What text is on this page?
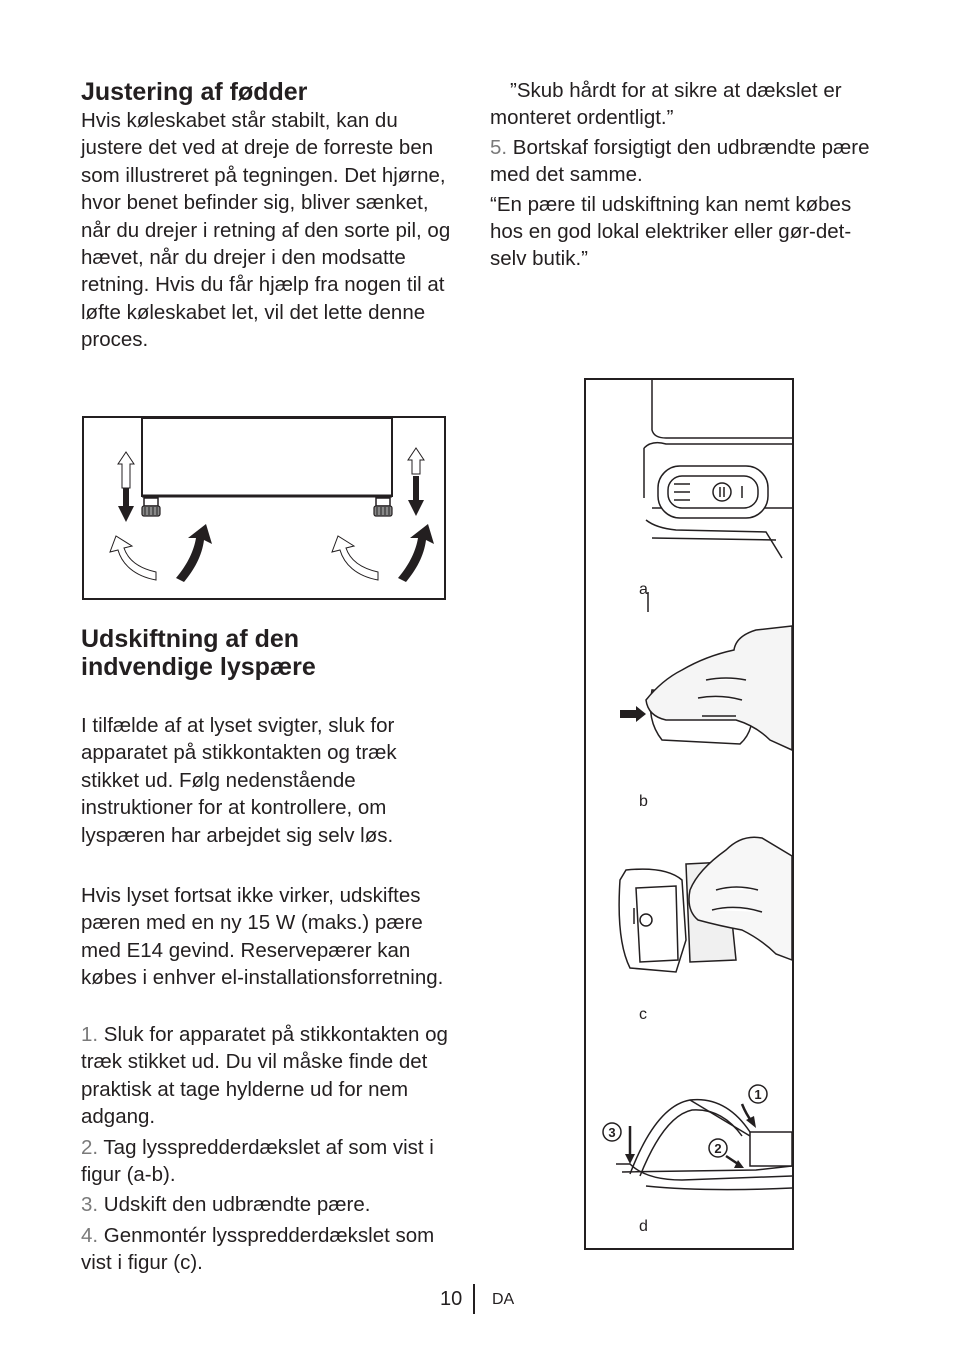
Justering af fødder
Hvis køleskabet står stabilt, kan du justere det ved at dreje de forreste ben som illustreret på tegningen. Det hjørne, hvor benet befinder sig, bliver sænket, når du drejer i retning af den sorte pil, og hævet, når du drejer i den modsatte retning. Hvis du får hjælp fra nogen til at løfte køleskabet let, vil det lette denne proces.
Udskiftning af den
indvendige lyspære
I tilfælde af at lyset svigter, sluk for apparatet på stikkontakten og træk stikket ud. Følg nedenstående instruktioner for at kontrollere, om lyspæren har arbejdet sig selv løs.
Hvis lyset fortsat ikke virker, udskiftes pæren med en ny 15 W (maks.) pære med E14 gevind. Reservepærer kan købes i enhver el-installationsforretning.

1. Sluk for apparatet på stikkontakten og træk stikket ud. Du vil måske finde det praktisk at tage hylderne ud for nem adgang.

2. Tag lysspredderdækslet af som vist i figur (a-b).

3. Udskift den udbrændte pære.

4. Genmontér lysspredderdækslet som vist i figur (c).

”Skub hårdt for at sikre at dækslet er monteret ordentligt.”

5. Bortskaf forsigtigt den udbrændte pære med det samme.

“En pære til udskiftning kan nemt købes hos en god lokal elektriker eller gør-det-selv butik.”

1
2
3
a
b
c
d
10 DA
